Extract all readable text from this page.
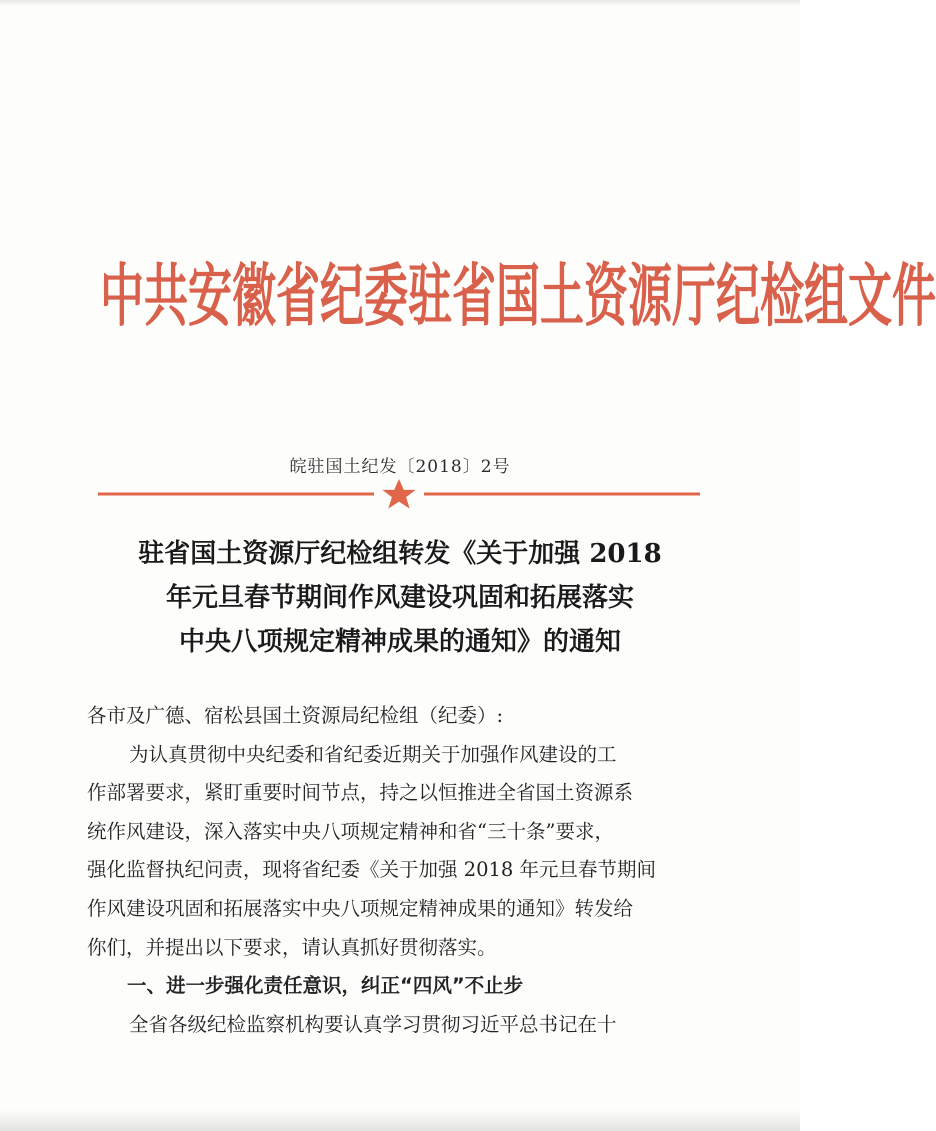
中共安徽省纪委驻省国土资源厅纪检组文件
皖驻国土纪发〔2018〕2号
驻省国土资源厅纪检组转发《关于加强 2018
年元旦春节期间作风建设巩固和拓展落实
中央八项规定精神成果的通知》的通知
各市及广德、宿松县国土资源局纪检组（纪委）:
为认真贯彻中央纪委和省纪委近期关于加强作风建设的工
作部署要求，紧盯重要时间节点，持之以恒推进全省国土资源系
统作风建设，深入落实中央八项规定精神和省“三十条”要求，
强化监督执纪问责，现将省纪委《关于加强 2018 年元旦春节期间
作风建设巩固和拓展落实中央八项规定精神成果的通知》转发给
你们，并提出以下要求，请认真抓好贯彻落实。
一、进一步强化责任意识，纠正“四风”不止步
全省各级纪检监察机构要认真学习贯彻习近平总书记在十
